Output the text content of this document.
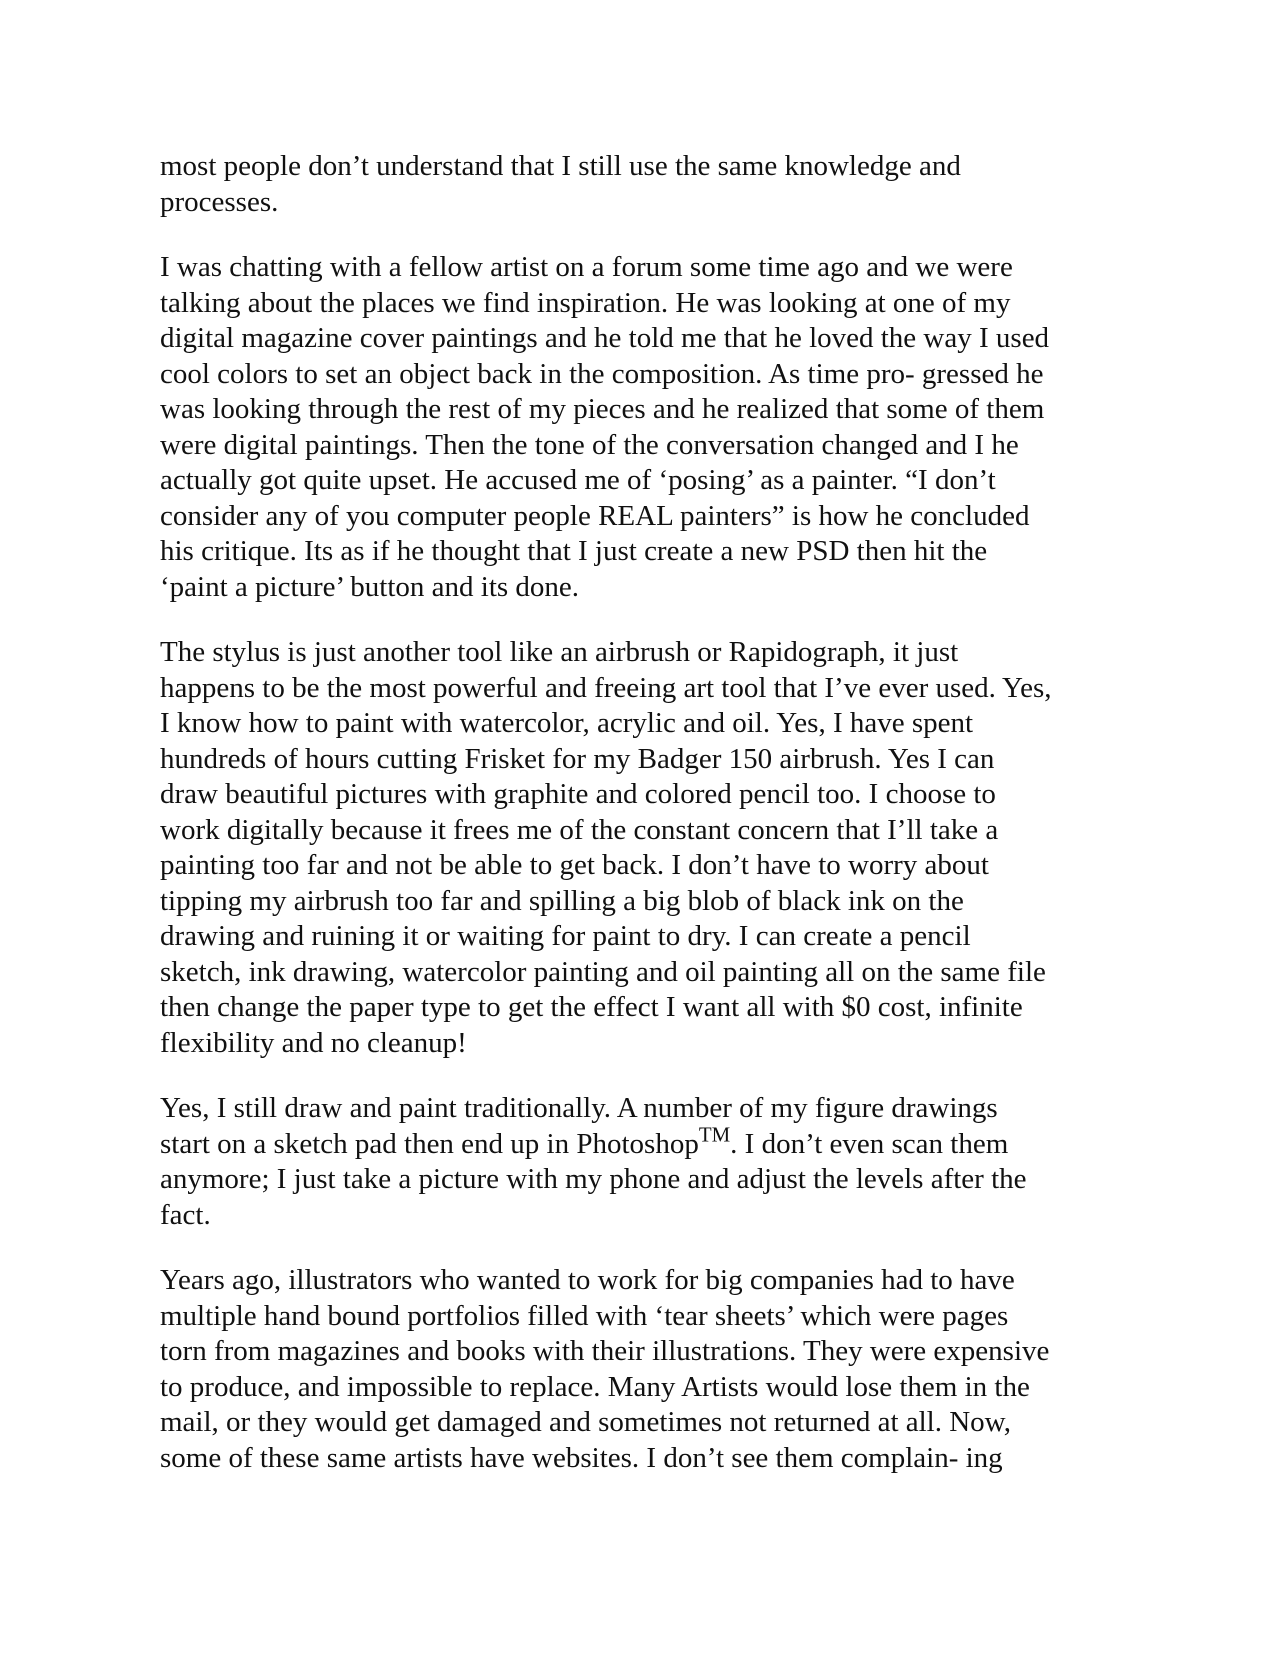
most people don’t understand that I still use the same knowledge and
processes.

I was chatting with a fellow artist on a forum some time ago and we were
talking about the places we find inspiration. He was looking at one of my
digital magazine cover paintings and he told me that he loved the way I used
cool colors to set an object back in the composition. As time pro- gressed he
was looking through the rest of my pieces and he realized that some of them
were digital paintings. Then the tone of the conversation changed and I he
actually got quite upset. He accused me of ‘posing’ as a painter. “I don’t
consider any of you computer people REAL painters” is how he concluded
his critique. Its as if he thought that I just create a new PSD then hit the
‘paint a picture’ button and its done.

The stylus is just another tool like an airbrush or Rapidograph, it just
happens to be the most powerful and freeing art tool that I’ve ever used. Yes,
I know how to paint with watercolor, acrylic and oil. Yes, I have spent
hundreds of hours cutting Frisket for my Badger 150 airbrush. Yes I can
draw beautiful pictures with graphite and colored pencil too. I choose to
work digitally because it frees me of the constant concern that I’ll take a
painting too far and not be able to get back. I don’t have to worry about
tipping my airbrush too far and spilling a big blob of black ink on the
drawing and ruining it or waiting for paint to dry. I can create a pencil
sketch, ink drawing, watercolor painting and oil painting all on the same file
then change the paper type to get the effect I want all with $0 cost, infinite
flexibility and no cleanup!

Yes, I still draw and paint traditionally. A number of my figure drawings
start on a sketch pad then end up in Photoshop™. I don’t even scan them
anymore; I just take a picture with my phone and adjust the levels after the
fact.

Years ago, illustrators who wanted to work for big companies had to have
multiple hand bound portfolios filled with ‘tear sheets’ which were pages
torn from magazines and books with their illustrations. They were expensive
to produce, and impossible to replace. Many Artists would lose them in the
mail, or they would get damaged and sometimes not returned at all. Now,
some of these same artists have websites. I don’t see them complain- ing
